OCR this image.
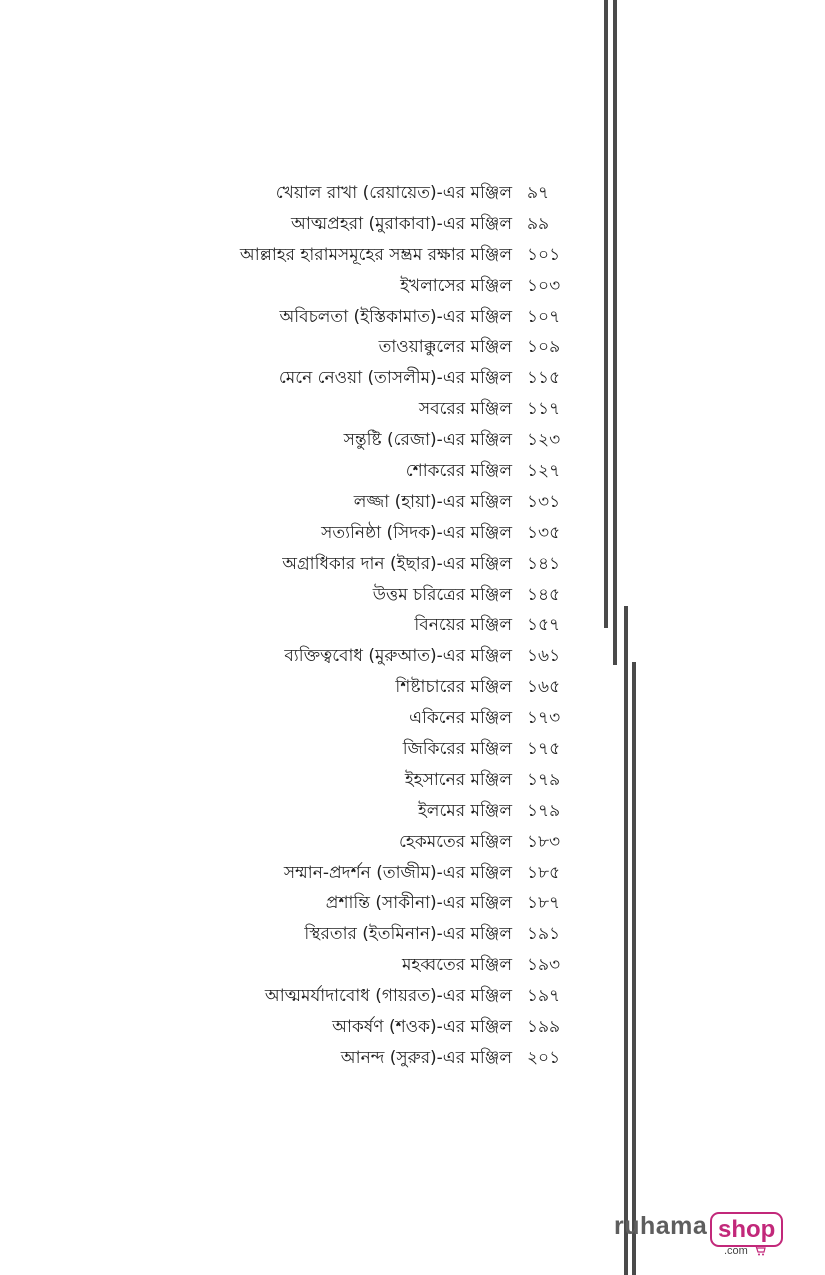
খেয়াল রাখা (রেয়ায়েত)-এর মঞ্জিল ৯৭
আত্মপ্রহরা (মুরাকাবা)-এর মঞ্জিল ৯৯
আল্লাহর হারামসমূহের সম্ভ্রম রক্ষার মঞ্জিল ১০১
ইখলাসের মঞ্জিল ১০৩
অবিচলতা (ইস্তিকামাত)-এর মঞ্জিল ১০৭
তাওয়াক্কুলের মঞ্জিল ১০৯
মেনে নেওয়া (তাসলীম)-এর মঞ্জিল ১১৫
সবরের মঞ্জিল ১১৭
সন্তুষ্টি (রেজা)-এর মঞ্জিল ১২৩
শোকরের মঞ্জিল ১২৭
লজ্জা (হায়া)-এর মঞ্জিল ১৩১
সত্যনিষ্ঠা (সিদক)-এর মঞ্জিল ১৩৫
অগ্রাধিকার দান (ইছার)-এর মঞ্জিল ১৪১
উত্তম চরিত্রের মঞ্জিল ১৪৫
বিনয়ের মঞ্জিল ১৫৭
ব্যক্তিত্ববোধ (মুরুআত)-এর মঞ্জিল ১৬১
শিষ্টাচারের মঞ্জিল ১৬৫
একিনের মঞ্জিল ১৭৩
জিকিরের মঞ্জিল ১৭৫
ইহসানের মঞ্জিল ১৭৯
ইলমের মঞ্জিল ১৭৯
হেকমতের মঞ্জিল ১৮৩
সম্মান-প্রদর্শন (তাজীম)-এর মঞ্জিল ১৮৫
প্রশান্তি (সাকীনা)-এর মঞ্জিল ১৮৭
স্থিরতার (ইতমিনান)-এর মঞ্জিল ১৯১
মহব্বতের মঞ্জিল ১৯৩
আত্মমর্যাদাবোধ (গায়রত)-এর মঞ্জিল ১৯৭
আকর্ষণ (শওক)-এর মঞ্জিল ১৯৯
আনন্দ (সুরুর)-এর মঞ্জিল ২০১
ruhama shop
.com
